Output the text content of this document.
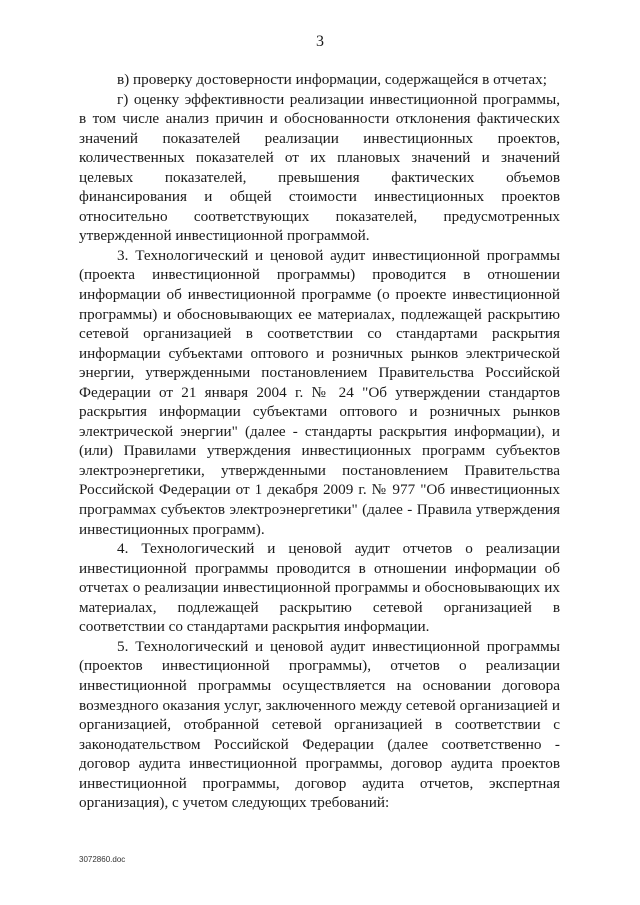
3

в) проверку достоверности информации, содержащейся в отчетах;

г) оценку эффективности реализации инвестиционной программы, в том числе анализ причин и обоснованности отклонения фактических значений показателей реализации инвестиционных проектов, количественных показателей от их плановых значений и значений целевых показателей, превышения фактических объемов финансирования и общей стоимости инвестиционных проектов относительно соответствующих показателей, предусмотренных утвержденной инвестиционной программой.

3. Технологический и ценовой аудит инвестиционной программы (проекта инвестиционной программы) проводится в отношении информации об инвестиционной программе (о проекте инвестиционной программы) и обосновывающих ее материалах, подлежащей раскрытию сетевой организацией в соответствии со стандартами раскрытия информации субъектами оптового и розничных рынков электрической энергии, утвержденными постановлением Правительства Российской Федерации от 21 января 2004 г. № 24 "Об утверждении стандартов раскрытия информации субъектами оптового и розничных рынков электрической энергии" (далее - стандарты раскрытия информации), и (или) Правилами утверждения инвестиционных программ субъектов электроэнергетики, утвержденными постановлением Правительства Российской Федерации от 1 декабря 2009 г. № 977 "Об инвестиционных программах субъектов электроэнергетики" (далее - Правила утверждения инвестиционных программ).

4. Технологический и ценовой аудит отчетов о реализации инвестиционной программы проводится в отношении информации об отчетах о реализации инвестиционной программы и обосновывающих их материалах, подлежащей раскрытию сетевой организацией в соответствии со стандартами раскрытия информации.

5. Технологический и ценовой аудит инвестиционной программы (проектов инвестиционной программы), отчетов о реализации инвестиционной программы осуществляется на основании договора возмездного оказания услуг, заключенного между сетевой организацией и организацией, отобранной сетевой организацией в соответствии с законодательством Российской Федерации (далее соответственно - договор аудита инвестиционной программы, договор аудита проектов инвестиционной программы, договор аудита отчетов, экспертная организация), с учетом следующих требований:

3072860.doc
